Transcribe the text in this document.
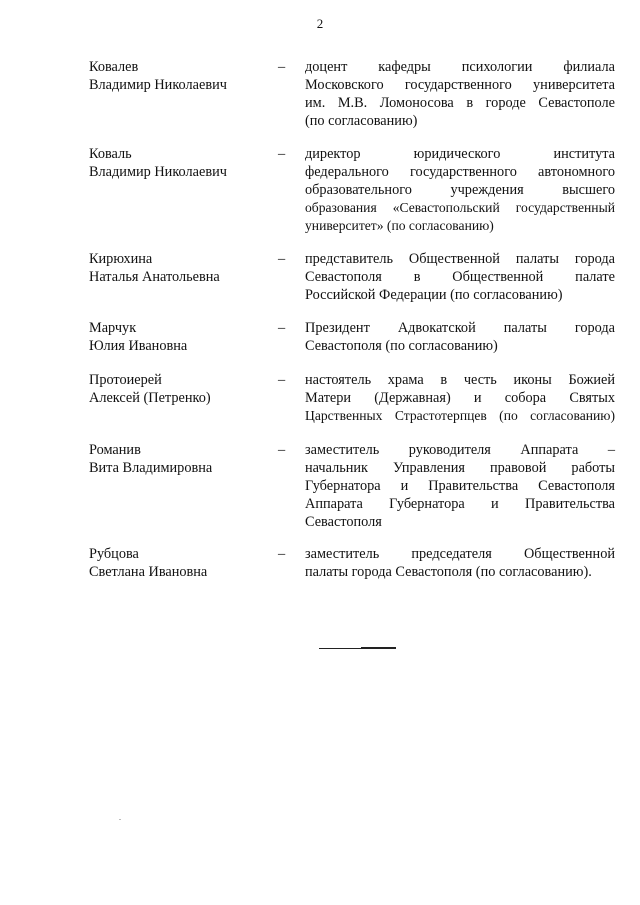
2
Ковалев
Владимир Николаевич
– доцент кафедры психологии филиала
Московского государственного университета
им. М.В. Ломоносова в городе Севастополе
(по согласованию)
Коваль
Владимир Николаевич
– директор юридического института
федерального государственного автономного
образовательного учреждения высшего
образования «Севастопольский государственный
университет» (по согласованию)
Кирюхина
Наталья Анатольевна
– представитель Общественной палаты города
Севастополя в Общественной палате
Российской Федерации (по согласованию)
Марчук
Юлия Ивановна
– Президент Адвокатской палаты города
Севастополя (по согласованию)
Протоиерей
Алексей (Петренко)
– настоятель храма в честь иконы Божией
Матери (Державная) и собора Святых
Царственных Страстотерпцев (по согласованию)
Романив
Вита Владимировна
– заместитель руководителя Аппарата –
начальник Управления правовой работы
Губернатора и Правительства Севастополя
Аппарата Губернатора и Правительства
Севастополя
Рубцова
Светлана Ивановна
– заместитель председателя Общественной
палаты города Севастополя (по согласованию).
